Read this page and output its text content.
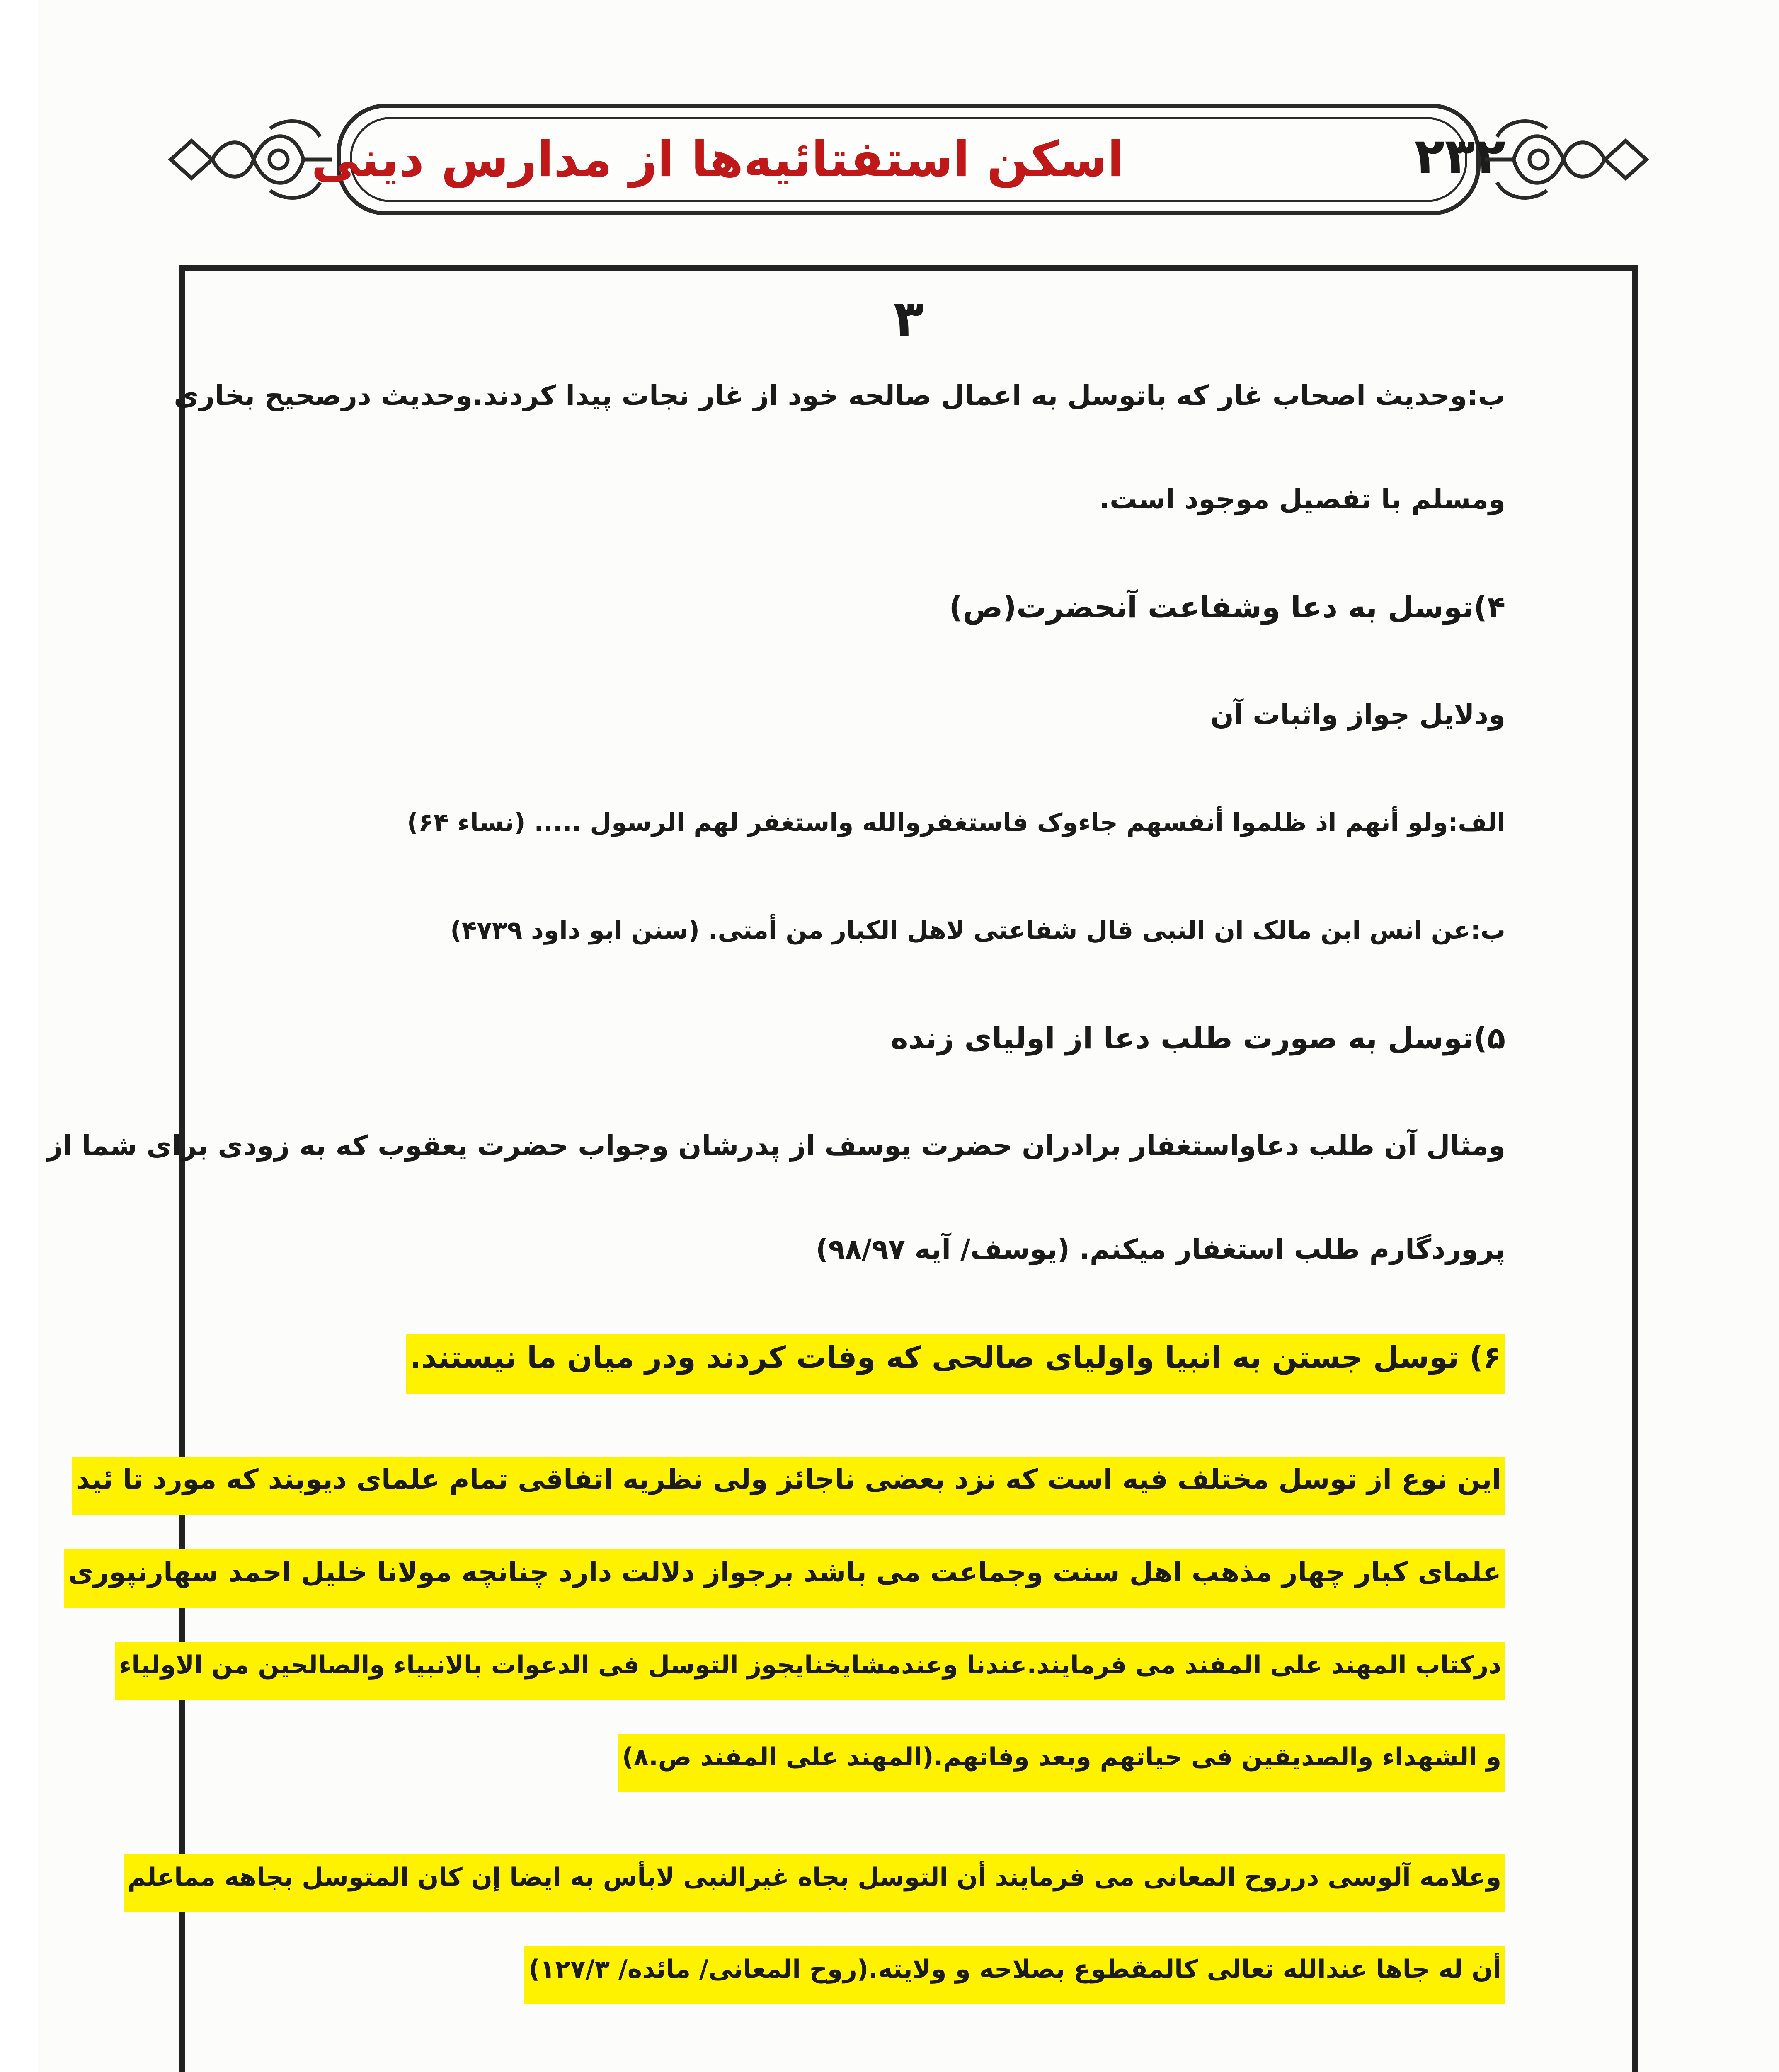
اسکن استفتائیه‌ها از مدارس دینی	۲۳۲
۳

ب:وحدیث اصحاب غار که باتوسل به اعمال صالحه خود از غار نجات پیدا کردند.وحدیث درصحیح بخاری

ومسلم با تفصیل موجود است.

۴)توسل به دعا وشفاعت آنحضرت(ص)

ودلایل جواز واثبات آن

الف:ولو أنهم اذ ظلموا أنفسهم جاءوک فاستغفروالله واستغفر لهم الرسول ..... (نساء ۶۴)

ب:عن انس ابن مالک ان النبی قال شفاعتی لاهل الکبار من أمتی. (سنن ابو داود ۴۷۳۹)

۵)توسل به صورت طلب دعا از اولیای زنده

ومثال آن طلب دعاواستغفار برادران حضرت یوسف از پدرشان وجواب حضرت یعقوب که به زودی برای شما از

پروردگارم طلب استغفار میکنم. (یوسف/ آیه ۹۸/۹۷)

۶) توسل جستن به انبیا واولیای صالحی که وفات کردند ودر میان ما نیستند.
این نوع از توسل مختلف فیه است که نزد بعضی ناجائز ولی نظریه اتفاقی تمام علمای دیوبند که مورد تا ئید
علمای کبار چهار مذهب اهل سنت وجماعت می باشد برجواز دلالت دارد چنانچه مولانا خلیل احمد سهارنپوری
درکتاب المهند علی المفند می فرمایند.عندنا وعندمشایخنایجوز التوسل فی الدعوات بالانبیاء والصالحین من الاولیاء
و الشهداء والصدیقین فی حیاتهم وبعد وفاتهم.(المهند علی المفند ص.۸)
وعلامه آلوسی درروح المعانی می فرمایند أن التوسل بجاه غیرالنبی لابأس به ایضا إن کان المتوسل بجاهه مماعلم
أن له جاها عندالله تعالی کالمقطوع بصلاحه و ولایته.(روح المعانی/ مائده/ ۱۲۷/۳)
